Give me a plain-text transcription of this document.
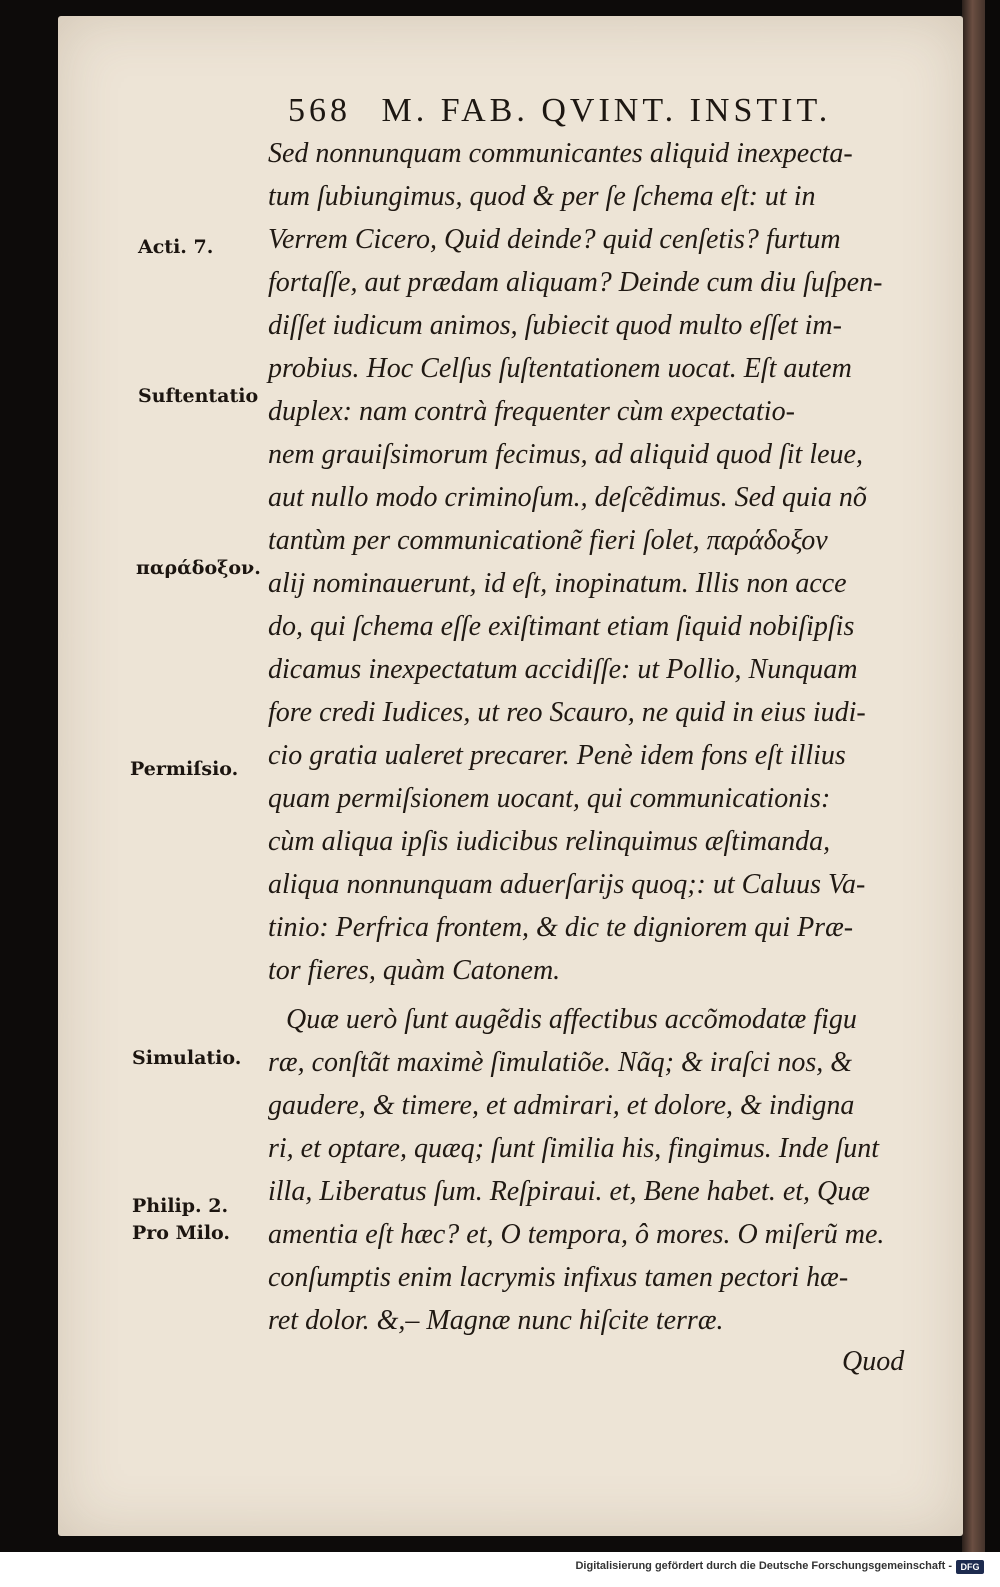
568 M. FAB. QVINT. INSTIT.
Acti. 7.
Suftentatio
παράδοξον.
Permiſsio.
Simulatio.
Philip. 2.
Pro Milo.
Sed nonnunquam communicantes aliquid inexpecta-
tum ſubiungimus, quod & per ſe ſchema eſt: ut in
Verrem Cicero, Quid deinde? quid cenſetis? furtum
fortaſſe, aut prædam aliquam? Deinde cum diu ſuſpen-
diſſet iudicum animos, ſubiecit quod multo eſſet im-
probius. Hoc Celſus ſuſtentationem uocat. Eſt autem
duplex: nam contrà frequenter cùm expectatio-
nem grauiſsimorum fecimus, ad aliquid quod ſit leue,
aut nullo modo criminoſum., deſcẽdimus. Sed quia nõ
tantùm per communicationẽ fieri ſolet, παράδοξον
alij nominauerunt, id eſt, inopinatum. Illis non acce
do, qui ſchema eſſe exiſtimant etiam ſiquid nobiſipſis
dicamus inexpectatum accidiſſe: ut Pollio, Nunquam
fore credi Iudices, ut reo Scauro, ne quid in eius iudi-
cio gratia ualeret precarer. Penè idem fons eſt illius
quam permiſsionem uocant, qui communicationis:
cùm aliqua ipſis iudicibus relinquimus æſtimanda,
aliqua nonnunquam aduerſarijs quoq;: ut Caluus Va-
tinio: Perfrica frontem, & dic te digniorem qui Præ-
tor fieres, quàm Catonem.
Quæ uerò ſunt augẽdis affectibus accõmodatæ figu
ræ, conſtãt maximè ſimulatiõe. Nãq; & iraſci nos, &
gaudere, & timere, et admirari, et dolore, & indigna
ri, et optare, quæq; ſunt ſimilia his, fingimus. Inde ſunt
illa, Liberatus ſum. Reſpiraui. et, Bene habet. et, Quæ
amentia eſt hæc? et, O tempora, ô mores. O miſerũ me.
conſumptis enim lacrymis infixus tamen pectori hæ-
ret dolor. &,– Magnæ nunc hiſcite terræ.
Quod
Digitalisierung gefördert durch die Deutsche Forschungsgemeinschaft - DFG
